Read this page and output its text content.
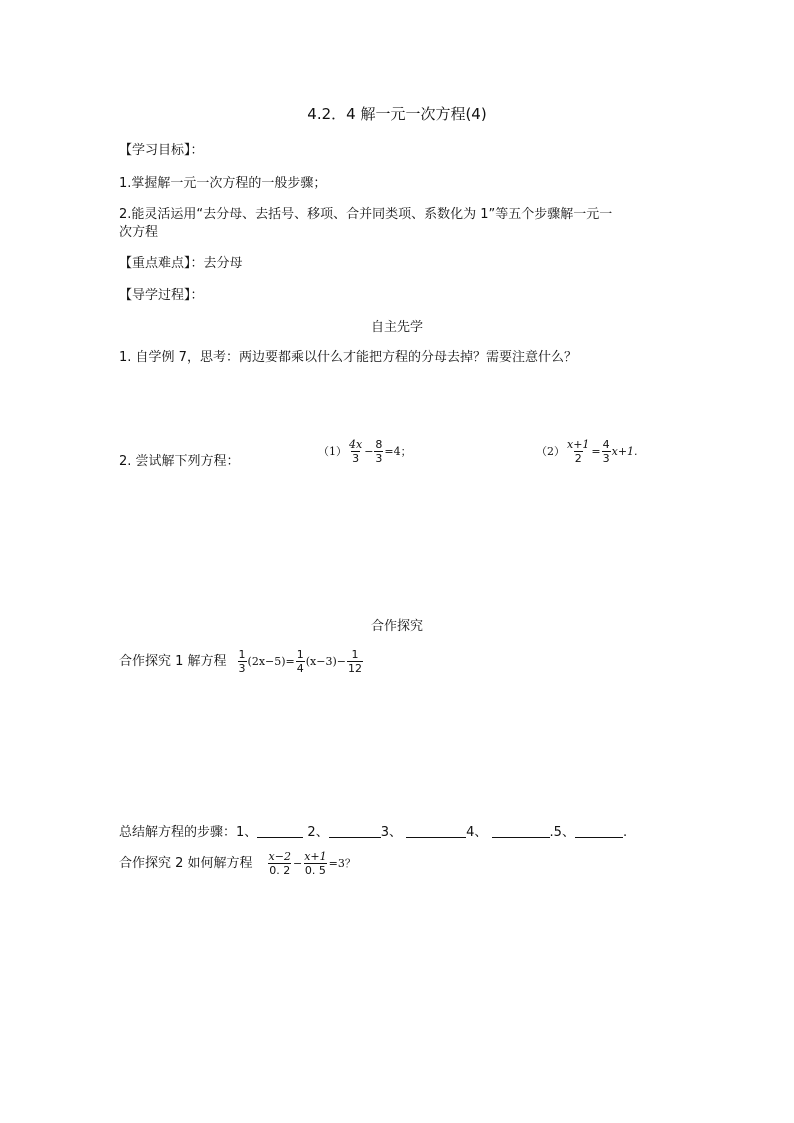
4.2．4 解一元一次方程(4)
【学习目标】：
1.掌握解一元一次方程的一般步骤；
2.能灵活运用“去分母、去括号、移项、合并同类项、系数化为 1”等五个步骤解一元一
次方程
【重点难点】：去分母
【导学过程】：
自主先学
1. 自学例 7，思考：两边要都乘以什么才能把方程的分母去掉？需要注意什么？
2. 尝试解下列方程：
$(1) \frac{4x}{3} - \frac{8}{3} =4$；	$(2) \frac{x+1}{2} = \frac{4}{3} x+1$.
合作探究
合作探究 1 解方程 $\frac{1}{3} (2x-5)= \frac{1}{4} (x-3)- \frac{1}{12}$
总结解方程的步骤：1、	2、	3、	4、	.5、	.
合作探究 2 如何解方程 $\frac{x-2}{0. 2} - \frac{x+1}{0. 5} =3$？
